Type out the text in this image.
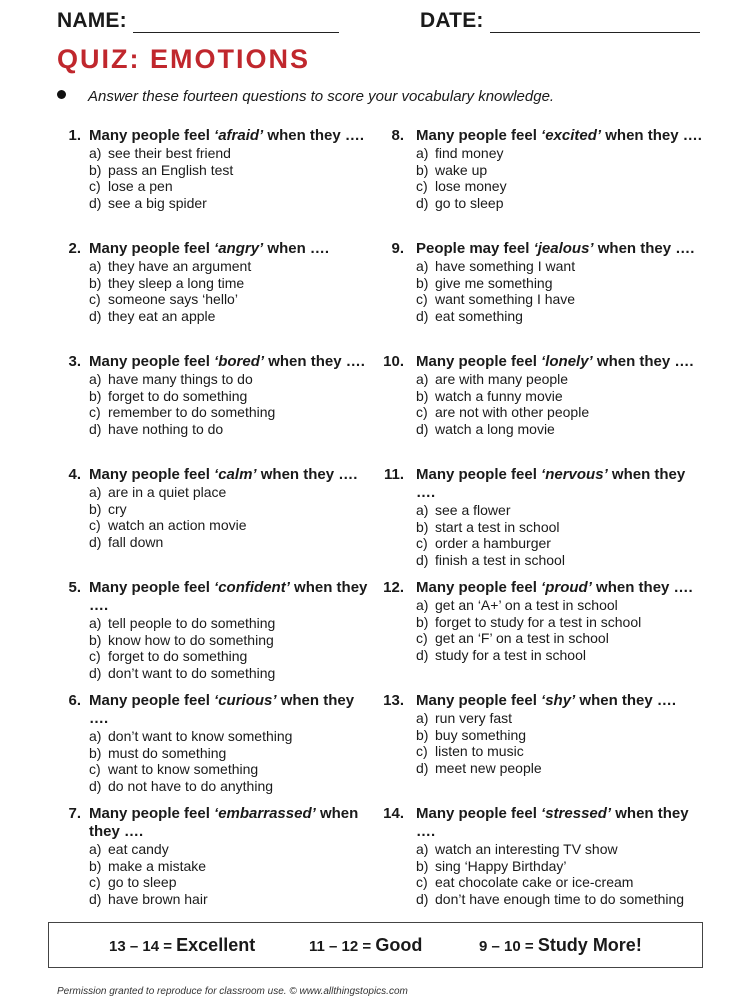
NAME:	DATE:
QUIZ: EMOTIONS
Answer these fourteen questions to score your vocabulary knowledge.
1. Many people feel ‘afraid’ when they ….
a) see their best friend
b) pass an English test
c) lose a pen
d) see a big spider
2. Many people feel ‘angry’ when ….
a) they have an argument
b) they sleep a long time
c) someone says ‘hello’
d) they eat an apple
3. Many people feel ‘bored’ when they ….
a) have many things to do
b) forget to do something
c) remember to do something
d) have nothing to do
4. Many people feel ‘calm’ when they ….
a) are in a quiet place
b) cry
c) watch an action movie
d) fall down
5. Many people feel ‘confident’ when they ….
a) tell people to do something
b) know how to do something
c) forget to do something
d) don’t want to do something
6. Many people feel ‘curious’ when they ….
a) don’t want to know something
b) must do something
c) want to know something
d) do not have to do anything
7. Many people feel ‘embarrassed’ when they ….
a) eat candy
b) make a mistake
c) go to sleep
d) have brown hair
8. Many people feel ‘excited’ when they ….
a) find money
b) wake up
c) lose money
d) go to sleep
9. People may feel ‘jealous’ when they ….
a) have something I want
b) give me something
c) want something I have
d) eat something
10. Many people feel ‘lonely’ when they ….
a) are with many people
b) watch a funny movie
c) are not with other people
d) watch a long movie
11. Many people feel ‘nervous’ when they ….
a) see a flower
b) start a test in school
c) order a hamburger
d) finish a test in school
12. Many people feel ‘proud’ when they ….
a) get an ‘A+’ on a test in school
b) forget to study for a test in school
c) get an ‘F’ on a test in school
d) study for a test in school
13. Many people feel ‘shy’ when they ….
a) run very fast
b) buy something
c) listen to music
d) meet new people
14. Many people feel ‘stressed’ when they ….
a) watch an interesting TV show
b) sing ‘Happy Birthday’
c) eat chocolate cake or ice-cream
d) don’t have enough time to do something
13 – 14 = Excellent	11 – 12 = Good	9 – 10 = Study More!
Permission granted to reproduce for classroom use. © www.allthingstopics.com
